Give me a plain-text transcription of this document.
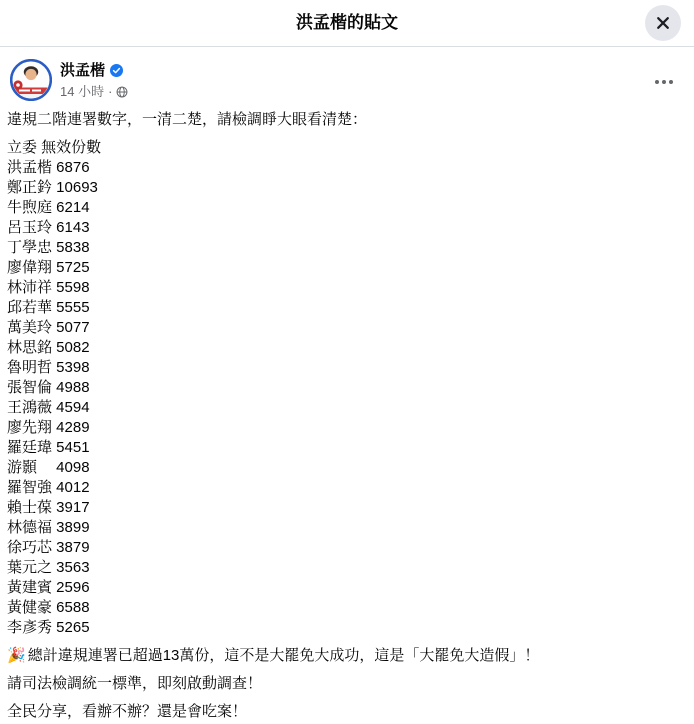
洪孟楷的貼文
洪孟楷
14 小時 ·

違規二階連署數字，一清二楚，請檢調睜大眼看清楚：

立委 無效份數
洪孟楷 6876
鄭正鈐 10693
牛煦庭 6214
呂玉玲 6143
丁學忠 5838
廖偉翔 5725
林沛祥 5598
邱若華 5555
萬美玲 5077
林思銘 5082
魯明哲 5398
張智倫 4988
王鴻薇 4594
廖先翔 4289
羅廷瑋 5451
游顥　 4098
羅智強 4012
賴士葆 3917
林德福 3899
徐巧芯 3879
葉元之 3563
黃建賓 2596
黃健豪 6588
李彥秀 5265

🎉 總計違規連署已超過13萬份，這不是大罷免大成功，這是「大罷免大造假」！

請司法檢調統一標準，即刻啟動調查！

全民分享，看辦不辦？還是會吃案！
